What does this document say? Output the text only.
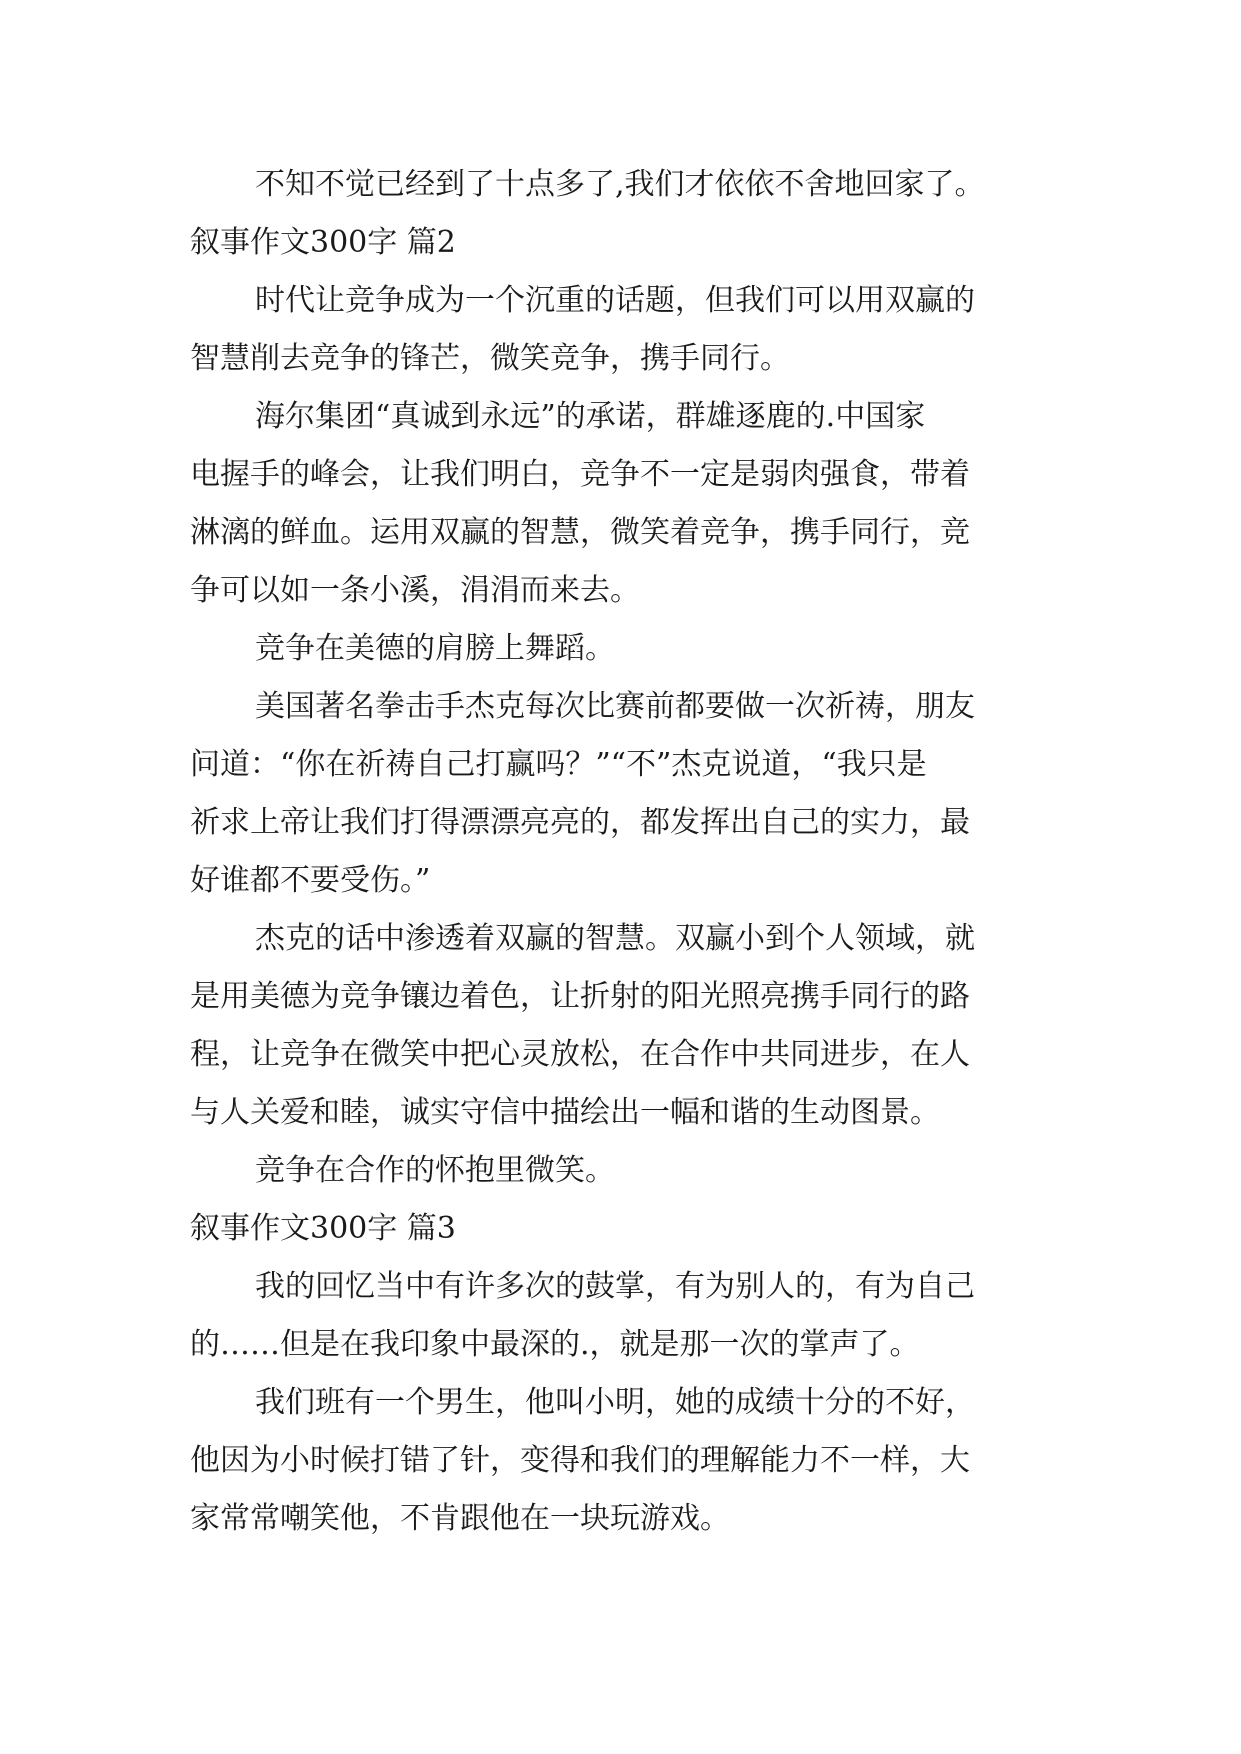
不知不觉已经到了十点多了,我们才依依不舍地回家了。
叙事作文300字 篇2
时代让竞争成为一个沉重的话题，但我们可以用双赢的
智慧削去竞争的锋芒，微笑竞争，携手同行。
海尔集团“真诚到永远”的承诺，群雄逐鹿的.中国家
电握手的峰会，让我们明白，竞争不一定是弱肉强食，带着
淋漓的鲜血。运用双赢的智慧，微笑着竞争，携手同行，竞
争可以如一条小溪，涓涓而来去。
竞争在美德的肩膀上舞蹈。
美国著名拳击手杰克每次比赛前都要做一次祈祷，朋友
问道：“你在祈祷自己打赢吗？”“不”杰克说道，“我只是
祈求上帝让我们打得漂漂亮亮的，都发挥出自己的实力，最
好谁都不要受伤。”
杰克的话中渗透着双赢的智慧。双赢小到个人领域，就
是用美德为竞争镶边着色，让折射的阳光照亮携手同行的路
程，让竞争在微笑中把心灵放松，在合作中共同进步，在人
与人关爱和睦，诚实守信中描绘出一幅和谐的生动图景。
竞争在合作的怀抱里微笑。
叙事作文300字 篇3
我的回忆当中有许多次的鼓掌，有为别人的，有为自己
的……但是在我印象中最深的.，就是那一次的掌声了。
我们班有一个男生，他叫小明，她的成绩十分的不好，
他因为小时候打错了针，变得和我们的理解能力不一样，大
家常常嘲笑他，不肯跟他在一块玩游戏。
